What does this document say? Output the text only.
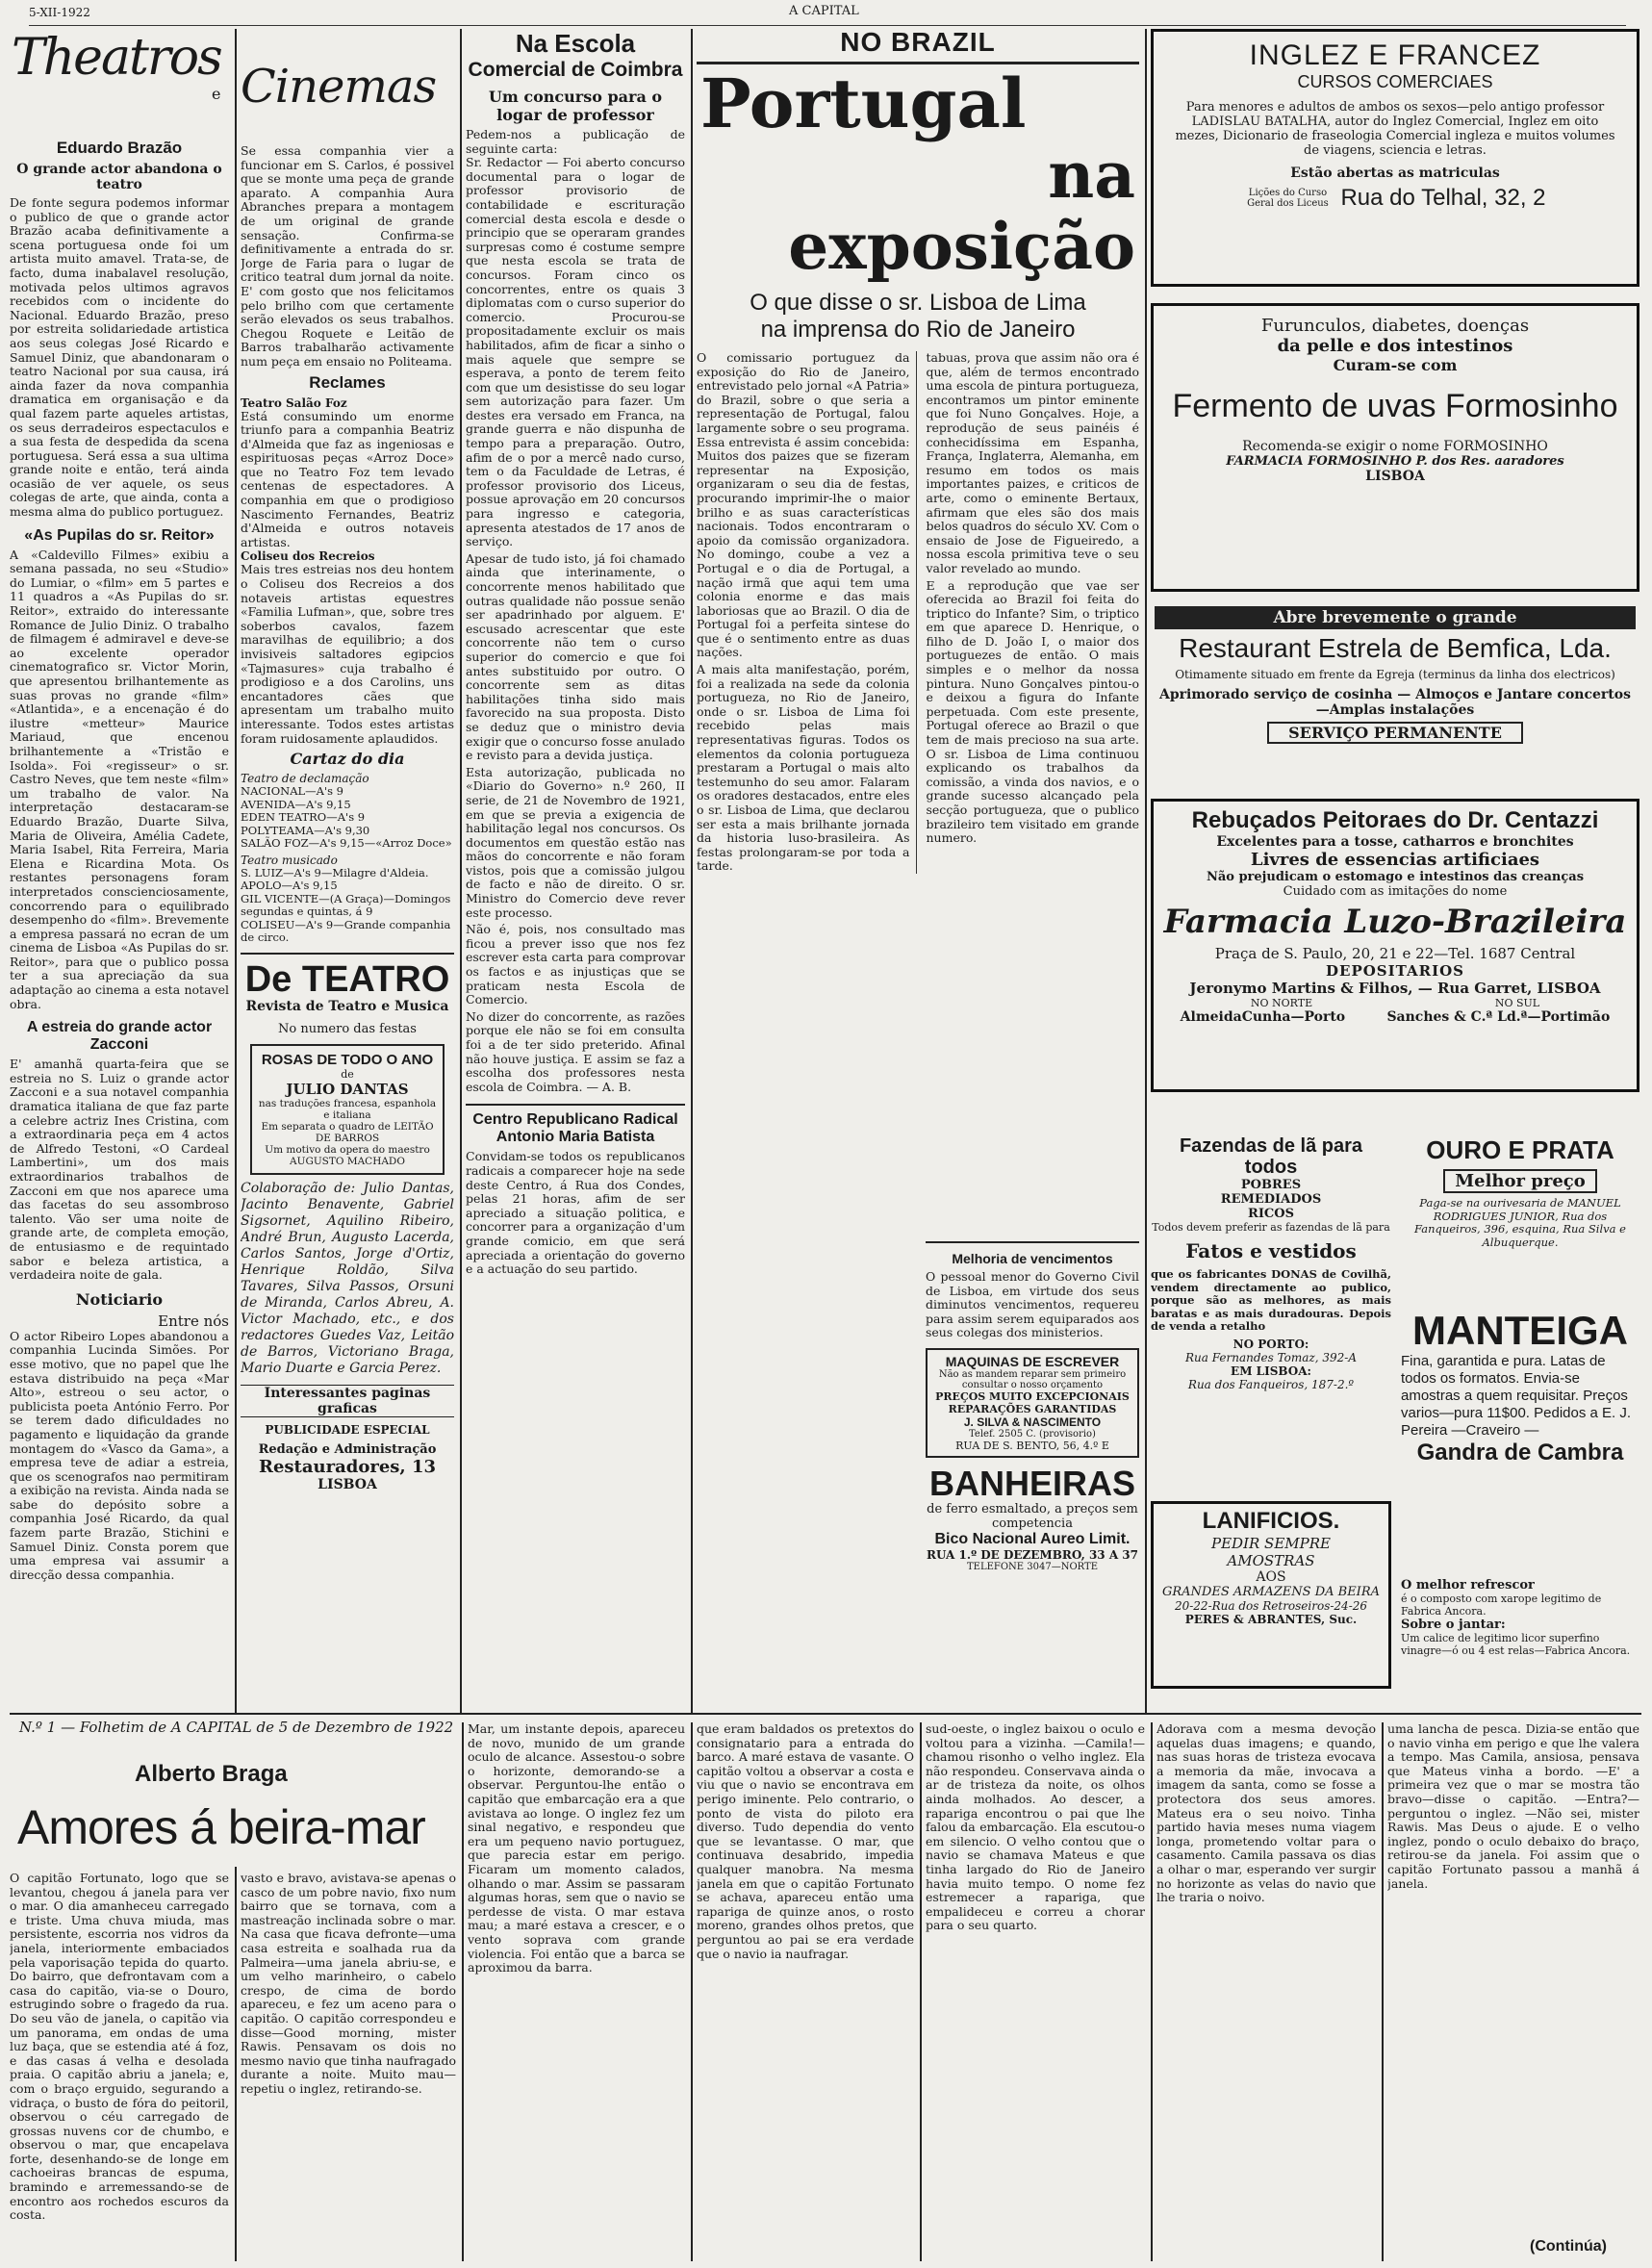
5-XII-1922	A CAPITAL
Theatros
e
Eduardo Brazão
O grande actor abandona o teatro

De fonte segura podemos informar o publico de que o grande actor Brazão acaba definitivamente a scena portuguesa onde foi um artista muito amavel. Trata-se, de facto, duma inabalavel resolução, motivada pelos ultimos agravos recebidos com o incidente do Nacional. Eduardo Brazão, preso por estreita solidariedade artistica aos seus colegas José Ricardo e Samuel Diniz, que abandonaram o teatro Nacional por sua causa, irá ainda fazer da nova companhia dramatica em organisação e da qual fazem parte aqueles artistas, os seus derradeiros espectaculos e a sua festa de despedida da scena portuguesa. Será essa a sua ultima grande noite e então, terá ainda ocasião de ver aquele, os seus colegas de arte, que ainda, conta a mesma alma do publico portuguez.

«As Pupilas do sr. Reitor»

A «Caldevillo Filmes» exibiu a semana passada, no seu «Studio» do Lumiar, o «film» em 5 partes e 11 quadros a «As Pupilas do sr. Reitor», extraido do interessante Romance de Julio Diniz. O trabalho de filmagem é admiravel e deve-se ao excelente operador cinematografico sr. Victor Morin, que apresentou brilhantemente as suas provas no grande «film» «Atlantida», e a encenação é do ilustre «metteur» Maurice Mariaud, que encenou brilhantemente a «Tristão e Isolda». Foi «regisseur» o sr. Castro Neves, que tem neste «film» um trabalho de valor. Na interpretação destacaram-se Eduardo Brazão, Duarte Silva, Maria de Oliveira, Amélia Cadete, Maria Isabel, Rita Ferreira, Maria Elena e Ricardina Mota. Os restantes personagens foram interpretados conscienciosamente, concorrendo para o equilibrado desempenho do «film». Brevemente a empresa passará no ecran de um cinema de Lisboa «As Pupilas do sr. Reitor», para que o publico possa ter a sua apreciação da sua adaptação ao cinema a esta notavel obra.

A estreia do grande actor Zacconi

E' amanhã quarta-feira que se estreia no S. Luiz o grande actor Zacconi e a sua notavel companhia dramatica italiana de que faz parte a celebre actriz Ines Cristina, com a extraordinaria peça em 4 actos de Alfredo Testoni, «O Cardeal Lambertini», um dos mais extraordinarios trabalhos de Zacconi em que nos aparece uma das facetas do seu assombroso talento. Vão ser uma noite de grande arte, de completa emoção, de entusiasmo e de requintado sabor e beleza artistica, a verdadeira noite de gala.

Noticiario
Entre nós

O actor Ribeiro Lopes abandonou a companhia Lucinda Simões. Por esse motivo, que no papel que lhe estava distribuido na peça «Mar Alto», estreou o seu actor, o publicista poeta António Ferro. Por se terem dado dificuldades no pagamento e liquidação da grande montagem do «Vasco da Gama», a empresa teve de adiar a estreia, que os scenografos nao permitiram a exibição na revista. Ainda nada se sabe do depósito sobre a companhia José Ricardo, da qual fazem parte Brazão, Stichini e Samuel Diniz. Consta porem que uma empresa vai assumir a direcção dessa companhia.

Cinemas

Se essa companhia vier a funcionar em S. Carlos, é possivel que se monte uma peça de grande aparato. A companhia Aura Abranches prepara a montagem de um original de grande sensação. Confirma-se definitivamente a entrada do sr. Jorge de Faria para o lugar de critico teatral dum jornal da noite. E' com gosto que nos felicitamos pelo brilho com que certamente serão elevados os seus trabalhos. Chegou Roquete e Leitão de Barros trabalharão activamente num peça em ensaio no Politeama.

Reclames
Teatro Salão Foz

Está consumindo um enorme triunfo para a companhia Beatriz d'Almeida que faz as ingeniosas e espirituosas peças «Arroz Doce» que no Teatro Foz tem levado centenas de espectadores. A companhia em que o prodigioso Nascimento Fernandes, Beatriz d'Almeida e outros notaveis artistas.

Coliseu dos Recreios

Mais tres estreias nos deu hontem o Coliseu dos Recreios a dos notaveis artistas equestres «Familia Lufman», que, sobre tres soberbos cavalos, fazem maravilhas de equilibrio; a dos invisiveis saltadores egipcios «Tajmasures» cuja trabalho é prodigioso e a dos Carolins, uns encantadores cães que apresentam um trabalho muito interessante. Todos estes artistas foram ruidosamente aplaudidos.

Cartaz do dia
Teatro de declamação
NACIONAL—A's 9
AVENIDA—A's 9,15
EDEN TEATRO—A's 9
POLYTEAMA—A's 9,30
SALÃO FOZ—A's 9,15—«Arroz Doce»
Teatro musicado
S. LUIZ—A's 9—Milagre d'Aldeia.
APOLO—A's 9,15
GIL VICENTE—(A Graça)—Domingos segundas e quintas, á 9
COLISEU—A's 9—Grande companhia de circo.
De TEATRO
Revista de Teatro e Musica
No numero das festas
ROSAS DE TODO O ANO
de
JULIO DANTAS
nas traduções francesa, espanhola e italiana
Em separata o quadro de LEITÃO DE BARROS
Um motivo da opera do maestro AUGUSTO MACHADO

Colaboração de: Julio Dantas, Jacinto Benavente, Gabriel Sigsornet, Aquilino Ribeiro, André Brun, Augusto Lacerda, Carlos Santos, Jorge d'Ortiz, Henrique Roldão, Silva Tavares, Silva Passos, Orsuni de Miranda, Carlos Abreu, A. Victor Machado, etc., e dos redactores Guedes Vaz, Leitão de Barros, Victoriano Braga, Mario Duarte e Garcia Perez.

Interessantes paginas graficas
PUBLICIDADE ESPECIAL
Redação e Administração
Restauradores, 13
LISBOA
Na Escola
Comercial de Coimbra
Um concurso para o logar de professor

Pedem-nos a publicação de seguinte carta:

Sr. Redactor — Foi aberto concurso documental para o logar de professor provisorio de contabilidade e escrituração comercial desta escola e desde o principio que se operaram grandes surpresas como é costume sempre que nesta escola se trata de concursos. Foram cinco os concorrentes, entre os quais 3 diplomatas com o curso superior do comercio. Procurou-se propositadamente excluir os mais habilitados, afim de ficar a sinho o mais aquele que sempre se esperava, a ponto de terem feito com que um desistisse do seu logar sem autorização para fazer. Um destes era versado em Franca, na grande guerra e não dispunha de tempo para a preparação. Outro, afim de o por a mercê nado curso, tem o da Faculdade de Letras, é professor provisorio dos Liceus, possue aprovação em 20 concursos para ingresso e categoria, apresenta atestados de 17 anos de serviço.

Apesar de tudo isto, já foi chamado ainda que interinamente, o concorrente menos habilitado que outras qualidade não possue senão ser apadrinhado por alguem. E' escusado acrescentar que este concorrente não tem o curso superior do comercio e que foi antes substituido por outro. O concorrente sem as ditas habilitações tinha sido mais favorecido na sua proposta. Disto se deduz que o ministro devia exigir que o concurso fosse anulado e revisto para a devida justiça.

Esta autorização, publicada no «Diario do Governo» n.º 260, II serie, de 21 de Novembro de 1921, em que se previa a exigencia de habilitação legal nos concursos. Os documentos em questão estão nas mãos do concorrente e não foram vistos, pois que a comissão julgou de facto e não de direito. O sr. Ministro do Comercio deve rever este processo.

Não é, pois, nos consultado mas ficou a prever isso que nos fez escrever esta carta para comprovar os factos e as injustiças que se praticam nesta Escola de Comercio.

No dizer do concorrente, as razões porque ele não se foi em consulta foi a de ter sido preterido. Afinal não houve justiça. E assim se faz a escolha dos professores nesta escola de Coimbra. — A. B.

Centro Republicano Radical Antonio Maria Batista

Convidam-se todos os republicanos radicais a comparecer hoje na sede deste Centro, á Rua dos Condes, pelas 21 horas, afim de ser apreciado a situação politica, e concorrer para a organização d'um grande comicio, em que será apreciada a orientação do governo e a actuação do seu partido.

NO BRAZIL
Portugal
na exposição
O que disse o sr. Lisboa de Lima
na imprensa do Rio de Janeiro

O comissario portuguez da exposição do Rio de Janeiro, entrevistado pelo jornal «A Patria» do Brazil, sobre o que seria a representação de Portugal, falou largamente sobre o seu programa. Essa entrevista é assim concebida: Muitos dos paizes que se fizeram representar na Exposição, organizaram o seu dia de festas, procurando imprimir-lhe o maior brilho e as suas características nacionais. Todos encontraram o apoio da comissão organizadora. No domingo, coube a vez a Portugal e o dia de Portugal, a nação irmã que aqui tem uma colonia enorme e das mais laboriosas que ao Brazil. O dia de Portugal foi a perfeita sintese do que é o sentimento entre as duas nações.

A mais alta manifestação, porém, foi a realizada na sede da colonia portugueza, no Rio de Janeiro, onde o sr. Lisboa de Lima foi recebido pelas mais representativas figuras. Todos os elementos da colonia portugueza prestaram a Portugal o mais alto testemunho do seu amor. Falaram os oradores destacados, entre eles o sr. Lisboa de Lima, que declarou ser esta a mais brilhante jornada da historia luso-brasileira. As festas prolongaram-se por toda a tarde.

tabuas, prova que assim não ora é que, além de termos encontrado uma escola de pintura portugueza, encontramos um pintor eminente que foi Nuno Gonçalves. Hoje, a reprodução de seus painéis é conhecidíssima em Espanha, França, Inglaterra, Alemanha, em resumo em todos os mais importantes paizes, e criticos de arte, como o eminente Bertaux, afirmam que eles são dos mais belos quadros do século XV. Com o ensaio de Jose de Figueiredo, a nossa escola primitiva teve o seu valor revelado ao mundo.

E a reprodução que vae ser oferecida ao Brazil foi feita do triptico do Infante? Sim, o triptico em que aparece D. Henrique, o filho de D. João I, o maior dos portuguezes de então. O mais simples e o melhor da nossa pintura. Nuno Gonçalves pintou-o e deixou a figura do Infante perpetuada. Com este presente, Portugal oferece ao Brazil o que tem de mais precioso na sua arte. O sr. Lisboa de Lima continuou explicando os trabalhos da comissão, a vinda dos navios, e o grande sucesso alcançado pela secção portugueza, que o publico brazileiro tem visitado em grande numero.

Melhoria de vencimentos

O pessoal menor do Governo Civil de Lisboa, em virtude dos seus diminutos vencimentos, requereu para assim serem equiparados aos seus colegas dos ministerios.

MAQUINAS DE ESCREVER
Não as mandem reparar sem primeiro consultar o nosso orçamento
PREÇOS MUITO EXCEPCIONAIS
REPARAÇÕES GARANTIDAS
J. SILVA & NASCIMENTO
Telef. 2505 C. (provisorio)
RUA DE S. BENTO, 56, 4.º E
BANHEIRAS
de ferro esmaltado, a preços sem competencia
Bico Nacional Aureo Limit.
RUA 1.º DE DEZEMBRO, 33 A 37
TELEFONE 3047—NORTE
INGLEZ E FRANCEZ
CURSOS COMERCIAES
Para menores e adultos de ambos os sexos—pelo antigo professor LADISLAU BATALHA, autor do Inglez Comercial, Inglez em oito mezes, Dicionario de fraseologia Comercial ingleza e muitos volumes de viagens, sciencia e letras.
Estão abertas as matriculas
Lições do Curso Geral dos Liceus Rua do Telhal, 32, 2
Furunculos, diabetes, doenças
da pelle e dos intestinos
Curam-se com
Fermento de uvas Formosinho
Recomenda-se exigir o nome FORMOSINHO
FARMACIA FORMOSINHO P. dos Res. aaradores
LISBOA
Abre brevemente o grande
Restaurant Estrela de Bemfica, Lda.
Otimamente situado em frente da Egreja (terminus da linha dos electricos)
Aprimorado serviço de cosinha — Almoços e Jantare concertos—Amplas instalações
SERVIÇO PERMANENTE
Rebuçados Peitoraes do Dr. Centazzi
Excelentes para a tosse, catharros e bronchites
Livres de essencias artificiaes
Não prejudicam o estomago e intestinos das creanças
Cuidado com as imitações do nome
Farmacia Luzo-Brazileira
Praça de S. Paulo, 20, 21 e 22—Tel. 1687 Central
DEPOSITARIOS
Jeronymo Martins & Filhos, — Rua Garret, LISBOA
NO NORTE	NO SUL
AlmeidaCunha—Porto	Sanches & C.ª Ld.ª—Portimão
Fazendas de lã para todos
POBRES
REMEDIADOS
RICOS
Todos devem preferir as fazendas de lã para
Fatos e vestidos
que os fabricantes DONAS de Covilhã, vendem directamente ao publico, porque são as melhores, as mais baratas e as mais duradouras. Depois de venda a retalho
NO PORTO:
Rua Fernandes Tomaz, 392-A
EM LISBOA:
Rua dos Fanqueiros, 187-2.º
OURO E PRATA
Melhor preço
Paga-se na ourivesaria de MANUEL RODRIGUES JUNIOR, Rua dos Fanqueiros, 396, esquina, Rua Silva e Albuquerque.
MANTEIGA
Fina, garantida e pura. Latas de todos os formatos. Envia-se amostras a quem requisitar. Preços varios—pura 11$00. Pedidos a E. J. Pereira —Craveiro —
Gandra de Cambra
LANIFICIOS.
PEDIR SEMPRE
AMOSTRAS
AOS
GRANDES ARMAZENS DA BEIRA
20-22-Rua dos Retroseiros-24-26
PERES & ABRANTES, Suc.
O melhor refrescor
é o composto com xarope legitimo de Fabrica Ancora.
Sobre o jantar:
Um calice de legitimo licor superfino vinagre—ó ou 4 est relas—Fabrica Ancora.
N.º 1 — Folhetim de A CAPITAL de 5 de Dezembro de 1922
Alberto Braga
Amores á beira-mar

O capitão Fortunato, logo que se levantou, chegou á janela para ver o mar. O dia amanheceu carregado e triste. Uma chuva miuda, mas persistente, escorria nos vidros da janela, interiormente embaciados pela vaporisação tepida do quarto. Do bairro, que defrontavam com a casa do capitão, via-se o Douro, estrugindo sobre o fragedo da rua. Do seu vão de janela, o capitão via um panorama, em ondas de uma luz baça, que se estendia até á foz, e das casas á velha e desolada praia. O capitão abriu a janela; e, com o braço erguido, segurando a vidraça, o busto de fóra do peitoril, observou o céu carregado de grossas nuvens cor de chumbo, e observou o mar, que encapelava forte, desenhando-se de longe em cachoeiras brancas de espuma, bramindo e arremessando-se de encontro aos rochedos escuros da costa.

vasto e bravo, avistava-se apenas o casco de um pobre navio, fixo num bairro que se tornava, com a mastreação inclinada sobre o mar. Na casa que ficava defronte—uma casa estreita e soalhada rua da Palmeira—uma janela abriu-se, e um velho marinheiro, o cabelo crespo, de cima de bordo apareceu, e fez um aceno para o capitão. O capitão correspondeu e disse—Good morning, mister Rawis. Pensavam os dois no mesmo navio que tinha naufragado durante a noite. Muito mau—repetiu o inglez, retirando-se.

Mar, um instante depois, apareceu de novo, munido de um grande oculo de alcance. Assestou-o sobre o horizonte, demorando-se a observar. Perguntou-lhe então o capitão que embarcação era a que avistava ao longe. O inglez fez um sinal negativo, e respondeu que era um pequeno navio portuguez, que parecia estar em perigo. Ficaram um momento calados, olhando o mar. Assim se passaram algumas horas, sem que o navio se perdesse de vista. O mar estava mau; a maré estava a crescer, e o vento soprava com grande violencia. Foi então que a barca se aproximou da barra.

que eram baldados os pretextos do consignatario para a entrada do barco. A maré estava de vasante. O capitão voltou a observar a costa e viu que o navio se encontrava em perigo iminente. Pelo contrario, o ponto de vista do piloto era diverso. Tudo dependia do vento que se levantasse. O mar, que continuava desabrido, impedia qualquer manobra. Na mesma janela em que o capitão Fortunato se achava, apareceu então uma rapariga de quinze anos, o rosto moreno, grandes olhos pretos, que perguntou ao pai se era verdade que o navio ia naufragar.

sud-oeste, o inglez baixou o oculo e voltou para a vizinha. —Camila!—chamou risonho o velho inglez. Ela não respondeu. Conservava ainda o ar de tristeza da noite, os olhos ainda molhados. Ao descer, a rapariga encontrou o pai que lhe falou da embarcação. Ela escutou-o em silencio. O velho contou que o navio se chamava Mateus e que tinha largado do Rio de Janeiro havia muito tempo. O nome fez estremecer a rapariga, que empalideceu e correu a chorar para o seu quarto.

Adorava com a mesma devoção aquelas duas imagens; e quando, nas suas horas de tristeza evocava a memoria da mãe, invocava a imagem da santa, como se fosse a protectora dos seus amores. Mateus era o seu noivo. Tinha partido havia meses numa viagem longa, prometendo voltar para o casamento. Camila passava os dias a olhar o mar, esperando ver surgir no horizonte as velas do navio que lhe traria o noivo.

uma lancha de pesca. Dizia-se então que o navio vinha em perigo e que lhe valera a tempo. Mas Camila, ansiosa, pensava que Mateus vinha a bordo. —E' a primeira vez que o mar se mostra tão bravo—disse o capitão. —Entra?—perguntou o inglez. —Não sei, mister Rawis. Mas Deus o ajude. E o velho inglez, pondo o oculo debaixo do braço, retirou-se da janela. Foi assim que o capitão Fortunato passou a manhã á janela.

(Continúa)
